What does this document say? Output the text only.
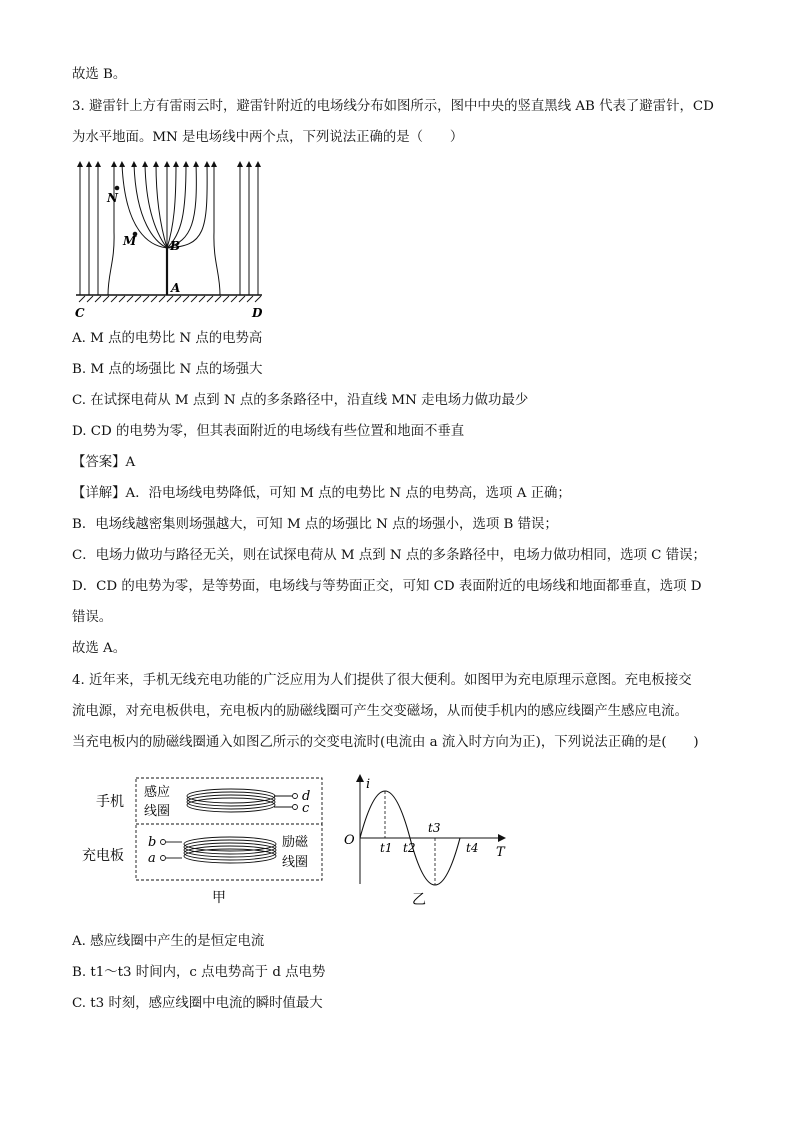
故选 B。
3. 避雷针上方有雷雨云时，避雷针附近的电场线分布如图所示，图中中央的竖直黑线 AB 代表了避雷针，CD
为水平地面。MN 是电场线中两个点，下列说法正确的是（　　）
N
M	B
A
C	D
A. M 点的电势比 N 点的电势高
B. M 点的场强比 N 点的场强大
C. 在试探电荷从 M 点到 N 点的多条路径中，沿直线 MN 走电场力做功最少
D. CD 的电势为零，但其表面附近的电场线有些位置和地面不垂直
【答案】A
【详解】A．沿电场线电势降低，可知 M 点的电势比 N 点的电势高，选项 A 正确；
B．电场线越密集则场强越大，可知 M 点的场强比 N 点的场强小，选项 B 错误；
C．电场力做功与路径无关，则在试探电荷从 M 点到 N 点的多条路径中，电场力做功相同，选项 C 错误；
D．CD 的电势为零，是等势面，电场线与等势面正交，可知 CD 表面附近的电场线和地面都垂直，选项 D
错误。
故选 A。
4. 近年来，手机无线充电功能的广泛应用为人们提供了很大便利。如图甲为充电原理示意图。充电板接交
流电源，对充电板供电，充电板内的励磁线圈可产生交变磁场，从而使手机内的感应线圈产生感应电流。
当充电板内的励磁线圈通入如图乙所示的交变电流时(电流由 a 流入时方向为正)，下列说法正确的是(　　)
手机
充电板
感应
线圈
励磁
线圈
d
c
b
a
甲
i
O
T
t1 t2
t3
t4
乙
A. 感应线圈中产生的是恒定电流
B. t1～t3 时间内，c 点电势高于 d 点电势
C. t3 时刻，感应线圈中电流的瞬时值最大
